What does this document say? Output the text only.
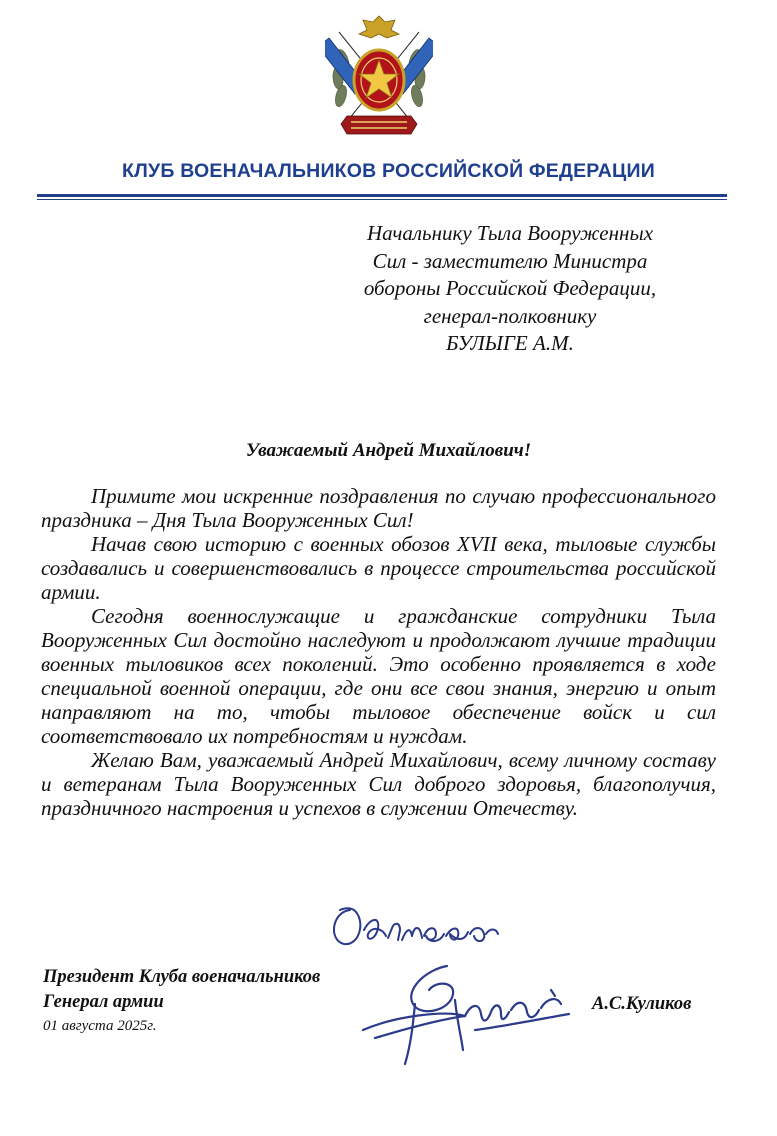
КЛУБ ВОЕНАЧАЛЬНИКОВ РОССИЙСКОЙ ФЕДЕРАЦИИ
Начальнику Тыла Вооруженных
Сил - заместителю Министра
обороны Российской Федерации,
генерал-полковнику
БУЛЫГЕ А.М.
Уважаемый Андрей Михайлович!

Примите мои искренние поздравления по случаю профессионального праздника – Дня Тыла Вооруженных Сил!

Начав свою историю с военных обозов XVII века, тыловые службы создавались и совершенствовались в процессе строительства российской армии.

Сегодня военнослужащие и гражданские сотрудники Тыла Вооруженных Сил достойно наследуют и продолжают лучшие традиции военных тыловиков всех поколений. Это особенно проявляется в ходе специальной военной операции, где они все свои знания, энергию и опыт направляют на то, чтобы тыловое обеспечение войск и сил соответствовало их потребностям и нуждам.

Желаю Вам, уважаемый Андрей Михайлович, всему личному составу и ветеранам Тыла Вооруженных Сил доброго здоровья, благополучия, праздничного настроения и успехов в служении Отечеству.

Президент Клуба военачальников
Генерал армии
01 августа 2025г.
А.С.Куликов
